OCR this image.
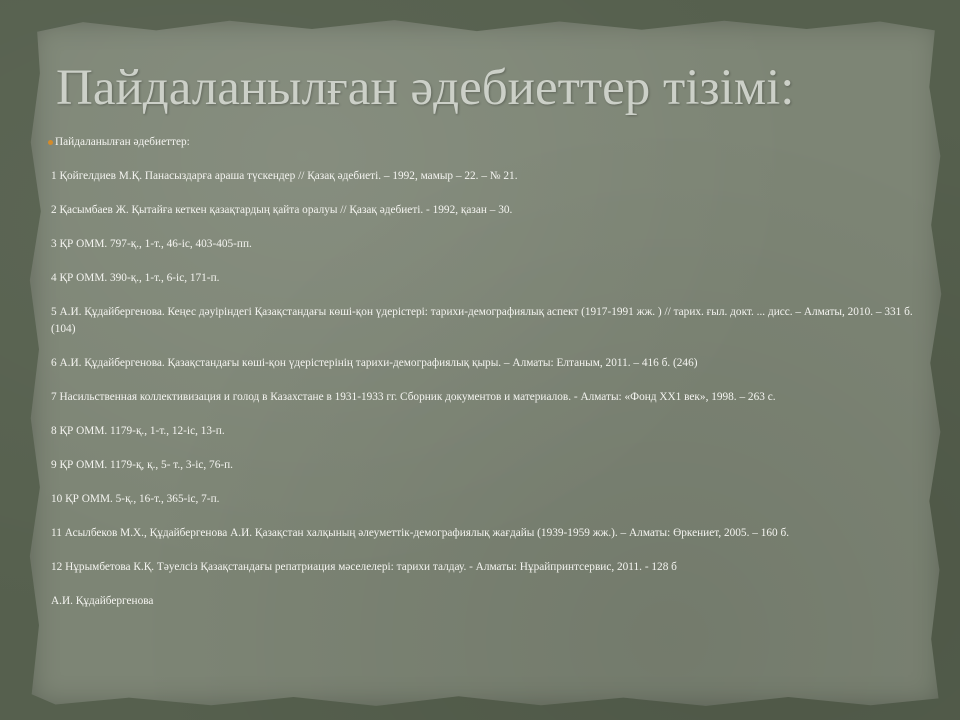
Пайдаланылған әдебиеттер тізімі:
Пайдаланылған әдебиеттер:
1 Қойгелдиев М.Қ. Панасыздарға араша түскендер // Қазақ әдебиеті. – 1992, мамыр – 22. – № 21.
2 Қасымбаев Ж. Қытайға кеткен қазақтардың қайта оралуы // Қазақ әдебиеті. - 1992, қазан – 30.
3 ҚР ОММ. 797-қ., 1-т., 46-іс, 403-405-пп.
4 ҚР ОММ. 390-қ., 1-т., 6-іс, 171-п.
5 А.И. Құдайбергенова. Кеңес дәуіріндегі Қазақстандағы көші-қон үдерістері: тарихи-демографиялық аспект (1917-1991 жж. ) // тарих. ғыл. докт. ... дисс. – Алматы, 2010. – 331 б. (104)
6 А.И. Құдайбергенова. Қазақстандағы көші-қон үдерістерінің тарихи-демографиялық қыры. – Алматы: Елтаным, 2011. – 416 б. (246)
7 Насильственная коллективизация и голод в Казахстане в 1931-1933 гг. Сборник документов и материалов. - Алматы: «Фонд XX1 век», 1998. – 263 с.
8 ҚР ОММ. 1179-қ., 1-т., 12-іс, 13-п.
9 ҚР ОММ. 1179-қ, қ., 5- т., 3-іс, 76-п.
10 ҚР ОММ. 5-қ., 16-т., 365-іс, 7-п.
11 Асылбеков М.Х., Құдайбергенова А.И. Қазақстан халқының әлеуметтік-демографиялық жағдайы (1939-1959 жж.). – Алматы: Өркениет, 2005. – 160 б.
12 Нұрымбетова К.Қ. Тәуелсіз Қазақстандағы репатриация мәселелері: тарихи талдау. - Алматы: Нұрайпринтсервис, 2011. - 128 б
А.И. Құдайбергенова
